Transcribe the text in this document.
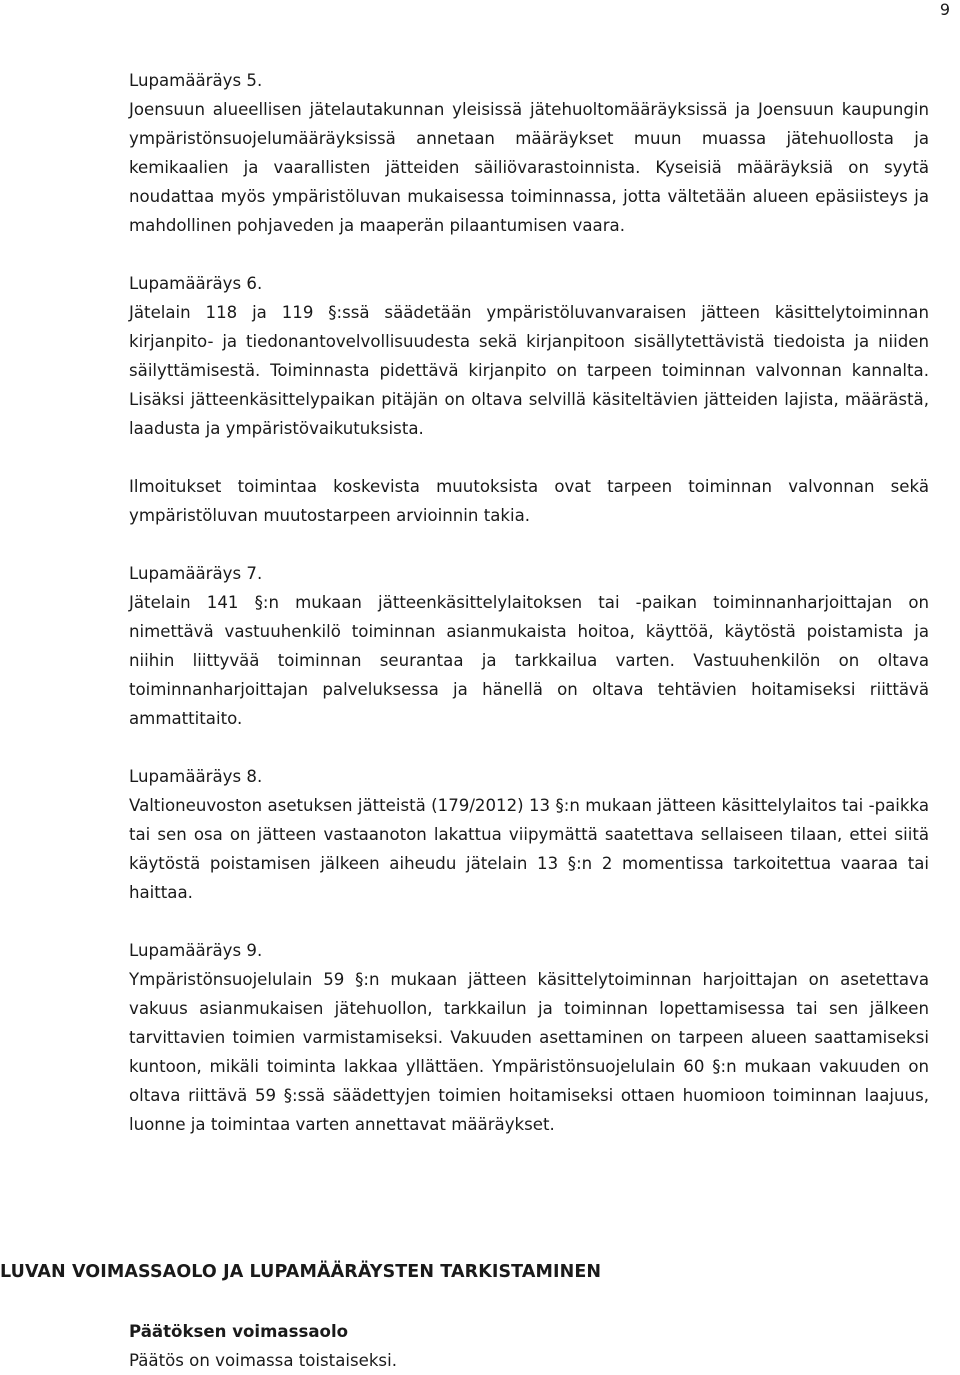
9
Lupamääräys 5.

Joensuun alueellisen jätelautakunnan yleisissä jätehuoltomääräyksissä ja Joensuun kaupungin ympäristönsuojelumääräyksissä annetaan määräykset muun muassa jätehuollosta ja kemikaalien ja vaarallisten jätteiden säiliövarastoinnista. Kyseisiä määräyksiä on syytä noudattaa myös ympäristöluvan mukaisessa toiminnassa, jotta vältetään alueen epäsiisteys ja mahdollinen pohjaveden ja maaperän pilaantumisen vaara.

Lupamääräys 6.

Jätelain 118 ja 119 §:ssä säädetään ympäristöluvanvaraisen jätteen käsittelytoiminnan kirjanpito- ja tiedonantovelvollisuudesta sekä kirjanpitoon sisällytettävistä tiedoista ja niiden säilyttämisestä. Toiminnasta pidettävä kirjanpito on tarpeen toiminnan valvonnan kannalta. Lisäksi jätteenkäsittelypaikan pitäjän on oltava selvillä käsiteltävien jätteiden lajista, määrästä, laadusta ja ympäristövaikutuksista.

Ilmoitukset toimintaa koskevista muutoksista ovat tarpeen toiminnan valvonnan sekä ympäristöluvan muutostarpeen arvioinnin takia.

Lupamääräys 7.

Jätelain 141 §:n mukaan jätteenkäsittelylaitoksen tai -paikan toiminnanharjoittajan on nimettävä vastuuhenkilö toiminnan asianmukaista hoitoa, käyttöä, käytöstä poistamista ja niihin liittyvää toiminnan seurantaa ja tarkkailua varten. Vastuuhenkilön on oltava toiminnanharjoittajan palveluksessa ja hänellä on oltava tehtävien hoitamiseksi riittävä ammattitaito.

Lupamääräys 8.

Valtioneuvoston asetuksen jätteistä (179/2012) 13 §:n mukaan jätteen käsittelylaitos tai -paikka tai sen osa on jätteen vastaanoton lakattua viipymättä saatettava sellaiseen tilaan, ettei siitä käytöstä poistamisen jälkeen aiheudu jätelain 13 §:n 2 momentissa tarkoitettua vaaraa tai haittaa.

Lupamääräys 9.

Ympäristönsuojelulain 59 §:n mukaan jätteen käsittelytoiminnan harjoittajan on asetettava vakuus asianmukaisen jätehuollon, tarkkailun ja toiminnan lopettamisessa tai sen jälkeen tarvittavien toimien varmistamiseksi. Vakuuden asettaminen on tarpeen alueen saattamiseksi kuntoon, mikäli toiminta lakkaa yllättäen. Ympäristönsuojelulain 60 §:n mukaan vakuuden on oltava riittävä 59 §:ssä säädettyjen toimien hoitamiseksi ottaen huomioon toiminnan laajuus, luonne ja toimintaa varten annettavat määräykset.

LUVAN VOIMASSAOLO JA LUPAMÄÄRÄYSTEN TARKISTAMINEN
Päätöksen voimassaolo

Päätös on voimassa toistaiseksi.
